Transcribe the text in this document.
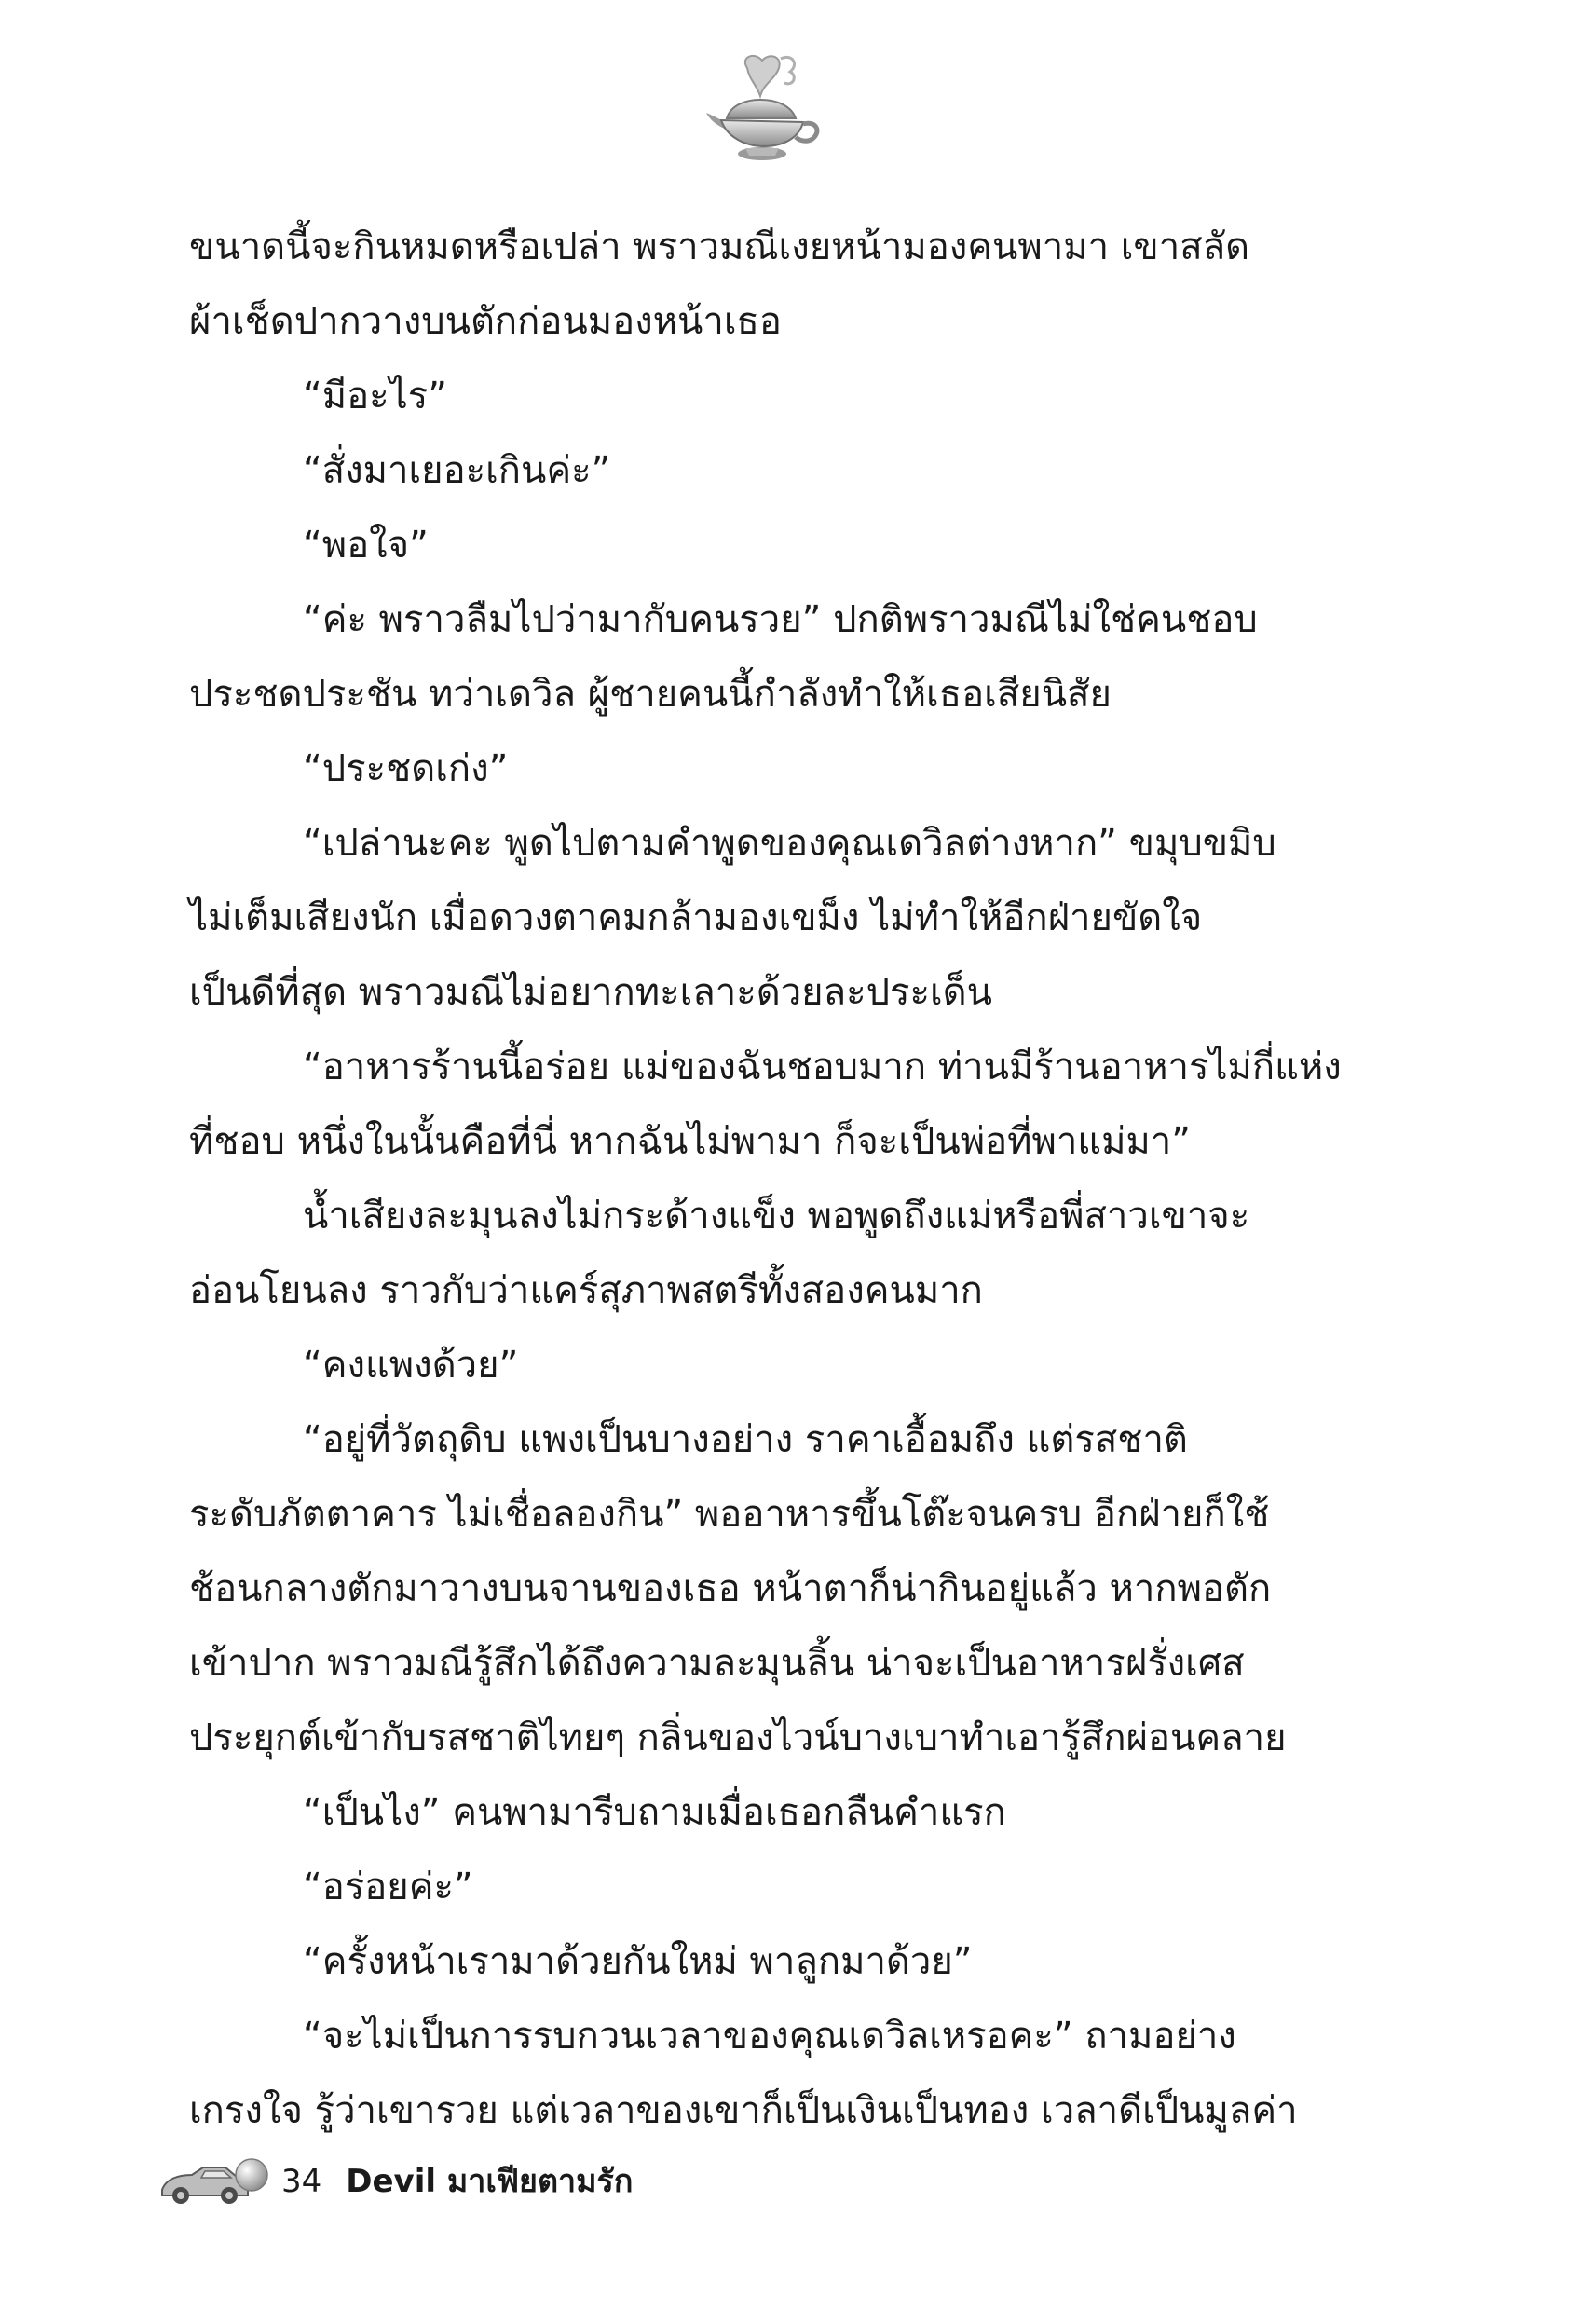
ขนาดนี้จะกินหมดหรือเปล่า พราวมณีเงยหน้ามองคนพามา เขาสลัด
ผ้าเช็ดปากวางบนตักก่อนมองหน้าเธอ

“มีอะไร”

“สั่งมาเยอะเกินค่ะ”

“พอใจ”

“ค่ะ พราวลืมไปว่ามากับคนรวย” ปกติพราวมณีไม่ใช่คนชอบ
ประชดประชัน ทว่าเดวิล ผู้ชายคนนี้กำลังทำให้เธอเสียนิสัย

“ประชดเก่ง”

“เปล่านะคะ พูดไปตามคำพูดของคุณเดวิลต่างหาก” ขมุบขมิบ
ไม่เต็มเสียงนัก เมื่อดวงตาคมกล้ามองเขม็ง ไม่ทำให้อีกฝ่ายขัดใจ
เป็นดีที่สุด พราวมณีไม่อยากทะเลาะด้วยละประเด็น

“อาหารร้านนี้อร่อย แม่ของฉันชอบมาก ท่านมีร้านอาหารไม่กี่แห่ง
ที่ชอบ หนึ่งในนั้นคือที่นี่ หากฉันไม่พามา ก็จะเป็นพ่อที่พาแม่มา”

น้ำเสียงละมุนลงไม่กระด้างแข็ง พอพูดถึงแม่หรือพี่สาวเขาจะ
อ่อนโยนลง ราวกับว่าแคร์สุภาพสตรีทั้งสองคนมาก

“คงแพงด้วย”

“อยู่ที่วัตถุดิบ แพงเป็นบางอย่าง ราคาเอื้อมถึง แต่รสชาติ
ระดับภัตตาคาร ไม่เชื่อลองกิน” พออาหารขึ้นโต๊ะจนครบ อีกฝ่ายก็ใช้
ช้อนกลางตักมาวางบนจานของเธอ หน้าตาก็น่ากินอยู่แล้ว หากพอตัก
เข้าปาก พราวมณีรู้สึกได้ถึงความละมุนลิ้น น่าจะเป็นอาหารฝรั่งเศส
ประยุกต์เข้ากับรสชาติไทยๆ กลิ่นของไวน์บางเบาทำเอารู้สึกผ่อนคลาย

“เป็นไง” คนพามารีบถามเมื่อเธอกลืนคำแรก

“อร่อยค่ะ”

“ครั้งหน้าเรามาด้วยกันใหม่ พาลูกมาด้วย”

“จะไม่เป็นการรบกวนเวลาของคุณเดวิลเหรอคะ” ถามอย่าง
เกรงใจ รู้ว่าเขารวย แต่เวลาของเขาก็เป็นเงินเป็นทอง เวลาดีเป็นมูลค่า

34 Devil มาเฟียตามรัก
